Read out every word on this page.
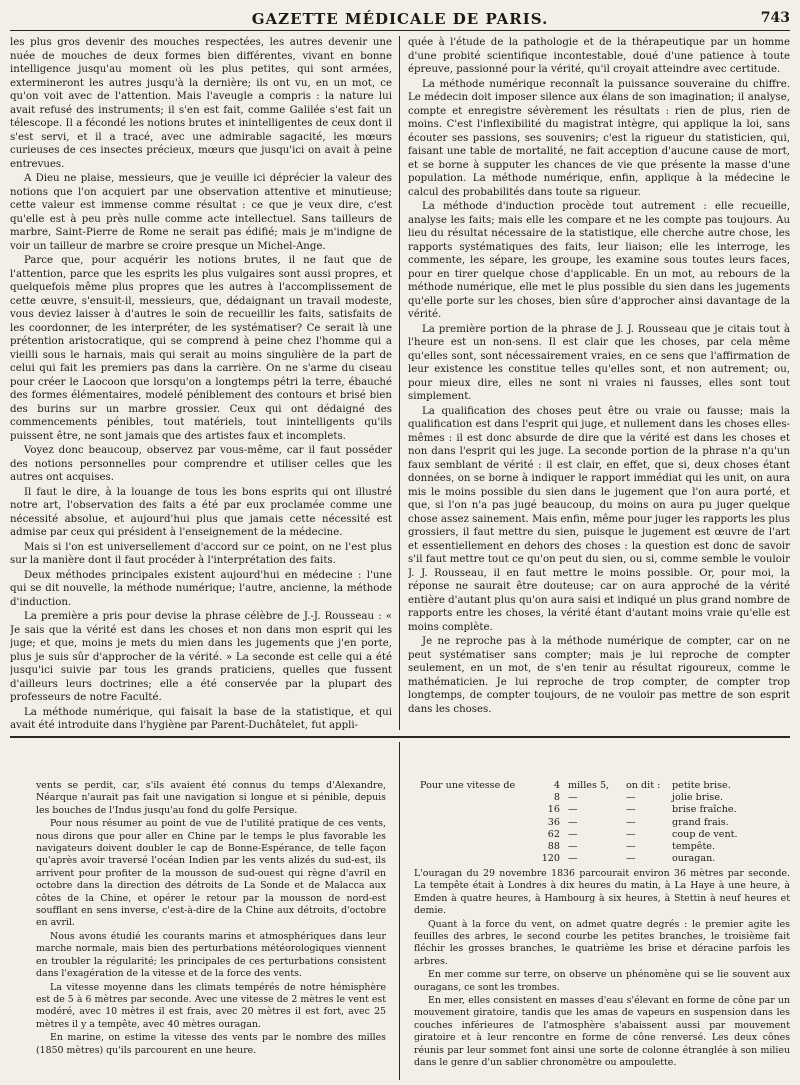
GAZETTE MÉDICALE DE PARIS.	743

les plus gros devenir des mouches respectées, les autres devenir une nuée de mouches de deux formes bien différentes, vivant en bonne intelligence jusqu'au moment où les plus petites, qui sont armées, extermineront les autres jusqu'à la dernière; ils ont vu, en un mot, ce qu'on voit avec de l'attention. Mais l'aveugle a compris : la nature lui avait refusé des instruments; il s'en est fait, comme Galilée s'est fait un télescope. Il a fécondé les notions brutes et inintelligentes de ceux dont il s'est servi, et il a tracé, avec une admirable sagacité, les mœurs curieuses de ces insectes précieux, mœurs que jusqu'ici on avait à peine entrevues.

A Dieu ne plaise, messieurs, que je veuille ici déprécier la valeur des notions que l'on acquiert par une observation attentive et minutieuse; cette valeur est immense comme résultat : ce que je veux dire, c'est qu'elle est à peu près nulle comme acte intellectuel. Sans tailleurs de marbre, Saint-Pierre de Rome ne serait pas édifié; mais je m'indigne de voir un tailleur de marbre se croire presque un Michel-Ange.

Parce que, pour acquérir les notions brutes, il ne faut que de l'attention, parce que les esprits les plus vulgaires sont aussi propres, et quelquefois même plus propres que les autres à l'accomplissement de cette œuvre, s'ensuit-il, messieurs, que, dédaignant un travail modeste, vous deviez laisser à d'autres le soin de recueillir les faits, satisfaits de les coordonner, de les interpréter, de les systématiser? Ce serait là une prétention aristocratique, qui se comprend à peine chez l'homme qui a vieilli sous le harnais, mais qui serait au moins singulière de la part de celui qui fait les premiers pas dans la carrière. On ne s'arme du ciseau pour créer le Laocoon que lorsqu'on a longtemps pétri la terre, ébauché des formes élémentaires, modelé péniblement des contours et brisé bien des burins sur un marbre grossier. Ceux qui ont dédaigné des commencements pénibles, tout matériels, tout inintelligents qu'ils puissent être, ne sont jamais que des artistes faux et incomplets.

Voyez donc beaucoup, observez par vous-même, car il faut posséder des notions personnelles pour comprendre et utiliser celles que les autres ont acquises.

Il faut le dire, à la louange de tous les bons esprits qui ont illustré notre art, l'observation des faits a été par eux proclamée comme une nécessité absolue, et aujourd'hui plus que jamais cette nécessité est admise par ceux qui président à l'enseignement de la médecine.

Mais si l'on est universellement d'accord sur ce point, on ne l'est plus sur la manière dont il faut procéder à l'interprétation des faits.

Deux méthodes principales existent aujourd'hui en médecine : l'une qui se dit nouvelle, la méthode numérique; l'autre, ancienne, la méthode d'induction.

La première a pris pour devise la phrase célèbre de J.-J. Rousseau : « Je sais que la vérité est dans les choses et non dans mon esprit qui les juge; et que, moins je mets du mien dans les jugements que j'en porte, plus je suis sûr d'approcher de la vérité. » La seconde est celle qui a été jusqu'ici suivie par tous les grands praticiens, quelles que fussent d'ailleurs leurs doctrines; elle a été conservée par la plupart des professeurs de notre Faculté.

La méthode numérique, qui faisait la base de la statistique, et qui avait été introduite dans l'hygiène par Parent-Duchâtelet, fut appli-

quée à l'étude de la pathologie et de la thérapeutique par un homme d'une probité scientifique incontestable, doué d'une patience à toute épreuve, passionné pour la vérité, qu'il croyait atteindre avec certitude.

La méthode numérique reconnaît la puissance souveraine du chiffre. Le médecin doit imposer silence aux élans de son imagination; il analyse, compte et enregistre sévèrement les résultats : rien de plus, rien de moins. C'est l'inflexibilité du magistrat intègre, qui applique la loi, sans écouter ses passions, ses souvenirs; c'est la rigueur du statisticien, qui, faisant une table de mortalité, ne fait acception d'aucune cause de mort, et se borne à supputer les chances de vie que présente la masse d'une population. La méthode numérique, enfin, applique à la médecine le calcul des probabilités dans toute sa rigueur.

La méthode d'induction procède tout autrement : elle recueille, analyse les faits; mais elle les compare et ne les compte pas toujours. Au lieu du résultat nécessaire de la statistique, elle cherche autre chose, les rapports systématiques des faits, leur liaison; elle les interroge, les commente, les sépare, les groupe, les examine sous toutes leurs faces, pour en tirer quelque chose d'applicable. En un mot, au rebours de la méthode numérique, elle met le plus possible du sien dans les jugements qu'elle porte sur les choses, bien sûre d'approcher ainsi davantage de la vérité.

La première portion de la phrase de J. J. Rousseau que je citais tout à l'heure est un non-sens. Il est clair que les choses, par cela même qu'elles sont, sont nécessairement vraies, en ce sens que l'affirmation de leur existence les constitue telles qu'elles sont, et non autrement; ou, pour mieux dire, elles ne sont ni vraies ni fausses, elles sont tout simplement.

La qualification des choses peut être ou vraie ou fausse; mais la qualification est dans l'esprit qui juge, et nullement dans les choses elles-mêmes : il est donc absurde de dire que la vérité est dans les choses et non dans l'esprit qui les juge. La seconde portion de la phrase n'a qu'un faux semblant de vérité : il est clair, en effet, que si, deux choses étant données, on se borne à indiquer le rapport immédiat qui les unit, on aura mis le moins possible du sien dans le jugement que l'on aura porté, et que, si l'on n'a pas jugé beaucoup, du moins on aura pu juger quelque chose assez sainement. Mais enfin, même pour juger les rapports les plus grossiers, il faut mettre du sien, puisque le jugement est œuvre de l'art et essentiellement en dehors des choses : la question est donc de savoir s'il faut mettre tout ce qu'on peut du sien, ou si, comme semble le vouloir J. J. Rousseau, il en faut mettre le moins possible. Or, pour moi, la réponse ne saurait être douteuse; car on aura approché de la vérité entière d'autant plus qu'on aura saisi et indiqué un plus grand nombre de rapports entre les choses, la vérité étant d'autant moins vraie qu'elle est moins complète.

Je ne reproche pas à la méthode numérique de compter, car on ne peut systématiser sans compter; mais je lui reproche de compter seulement, en un mot, de s'en tenir au résultat rigoureux, comme le mathématicien. Je lui reproche de trop compter, de compter trop longtemps, de compter toujours, de ne vouloir pas mettre de son esprit dans les choses.

vents se perdit, car, s'ils avaient été connus du temps d'Alexandre, Néarque n'aurait pas fait une navigation si longue et si pénible, depuis les bouches de l'Indus jusqu'au fond du golfe Persique.

Pour nous résumer au point de vue de l'utilité pratique de ces vents, nous dirons que pour aller en Chine par le temps le plus favorable les navigateurs doivent doubler le cap de Bonne-Espérance, de telle façon qu'après avoir traversé l'océan Indien par les vents alizés du sud-est, ils arrivent pour profiter de la mousson de sud-ouest qui règne d'avril en octobre dans la direction des détroits de La Sonde et de Malacca aux côtes de la Chine, et opérer le retour par la mousson de nord-est soufflant en sens inverse, c'est-à-dire de la Chine aux détroits, d'octobre en avril.

Nous avons étudié les courants marins et atmosphériques dans leur marche normale, mais bien des perturbations météorologiques viennent en troubler la régularité; les principales de ces perturbations consistent dans l'exagération de la vitesse et de la force des vents.

La vitesse moyenne dans les climats tempérés de notre hémisphère est de 5 à 6 mètres par seconde. Avec une vitesse de 2 mètres le vent est modéré, avec 10 mètres il est frais, avec 20 mètres il est fort, avec 25 mètres il y a tempête, avec 40 mètres ouragan.

En marine, on estime la vitesse des vents par le nombre des milles (1850 mètres) qu'ils parcourent en une heure.

Pour une vitesse de	4 milles 5, on dit : petite brise.
8 —	—	jolie brise.
16 —	—	brise fraîche.
36 —	—	grand frais.
62 —	—	coup de vent.
88 —	—	tempête.
120 —	—	ouragan.

L'ouragan du 29 novembre 1836 parcourait environ 36 mètres par seconde. La tempête était à Londres à dix heures du matin, à La Haye à une heure, à Emden à quatre heures, à Hambourg à six heures, à Stettin à neuf heures et demie.

Quant à la force du vent, on admet quatre degrés : le premier agite les feuilles des arbres, le second courbe les petites branches, le troisième fait fléchir les grosses branches, le quatrième les brise et déracine parfois les arbres.

En mer comme sur terre, on observe un phénomène qui se lie souvent aux ouragans, ce sont les trombes.

En mer, elles consistent en masses d'eau s'élevant en forme de cône par un mouvement giratoire, tandis que les amas de vapeurs en suspension dans les couches inférieures de l'atmosphère s'abaissent aussi par mouvement giratoire et à leur rencontre en forme de cône renversé. Les deux cônes réunis par leur sommet font ainsi une sorte de colonne étranglée à son milieu dans le genre d'un sablier chronomètre ou ampoulette.
